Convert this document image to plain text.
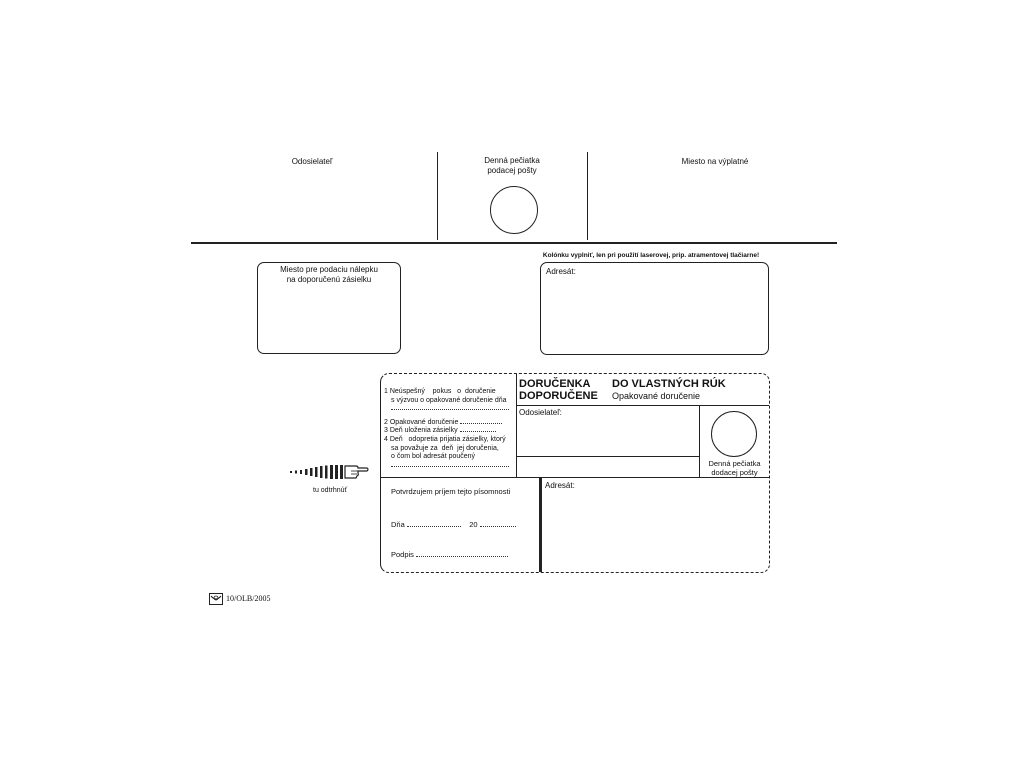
Odosielateľ	Denná pečiatka
podacej pošty
Miesto na výplatné
Miesto pre podaciu nálepku
na doporučenú zásielku
Kolónku vyplniť, len pri použití laserovej, prip. atramentovej tlačiarne!
Adresát:
DORUČENKA
DOPORUČENE
DO VLASTNÝCH RÚK
Opakované doručenie
Odosielateľ:
Denná pečiatka
dodacej pošty
1 Neúspešný    pokus   o  doručenie
s výzvou o opakované doručenie dňa
2 Opakované doručenie
3 Deň uloženia zásielky
4 Deň   odopretia prijatia zásielky, ktorý
sa považuje za  deň  jej doručenia,
o čom bol adresát poučený
Potvrdzujem príjem tejto písomnosti
Dňa	20
Podpis
Adresát:
tu odtrhnúť
10/OLB/2005
